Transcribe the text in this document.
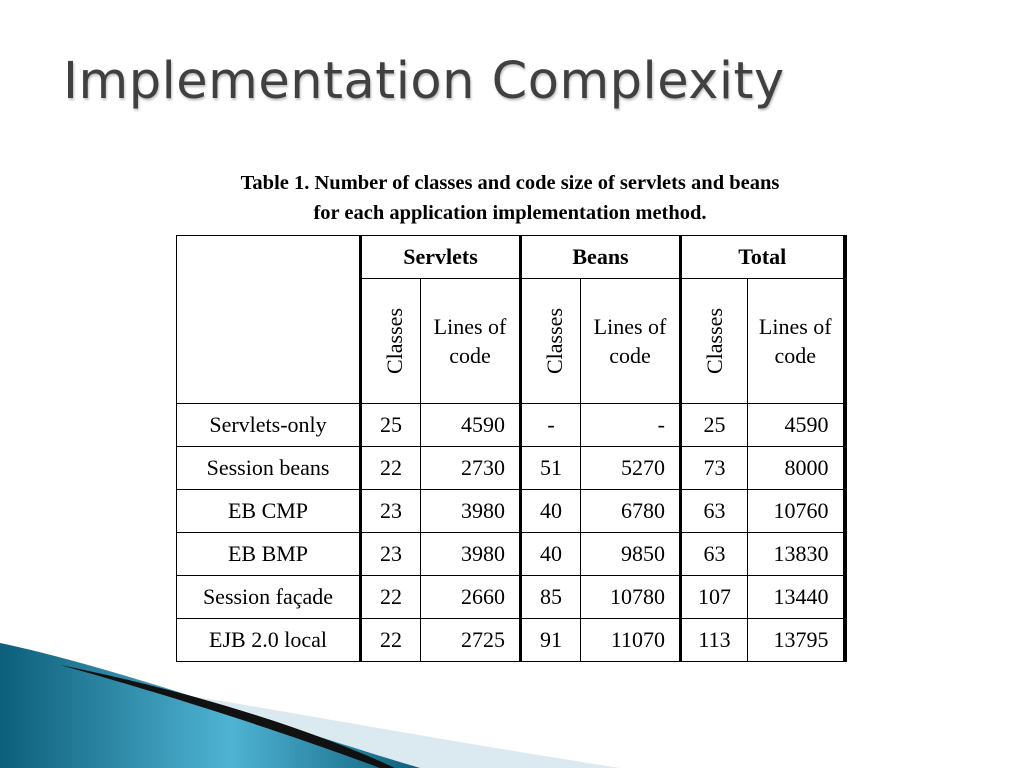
Implementation Complexity
Table 1. Number of classes and code size of servlets and beans
for each application implementation method.
	Servlets		Beans		Total	
	Classes	Lines of code	Classes	Lines of code	Classes	Lines of code

Servlets-only	25	4590	-	-	25	4590
Session beans	22	2730	51	5270	73	8000
EB CMP	23	3980	40	6780	63	10760
EB BMP	23	3980	40	9850	63	13830
Session façade	22	2660	85	10780	107	13440
EJB 2.0 local	22	2725	91	11070	113	13795
